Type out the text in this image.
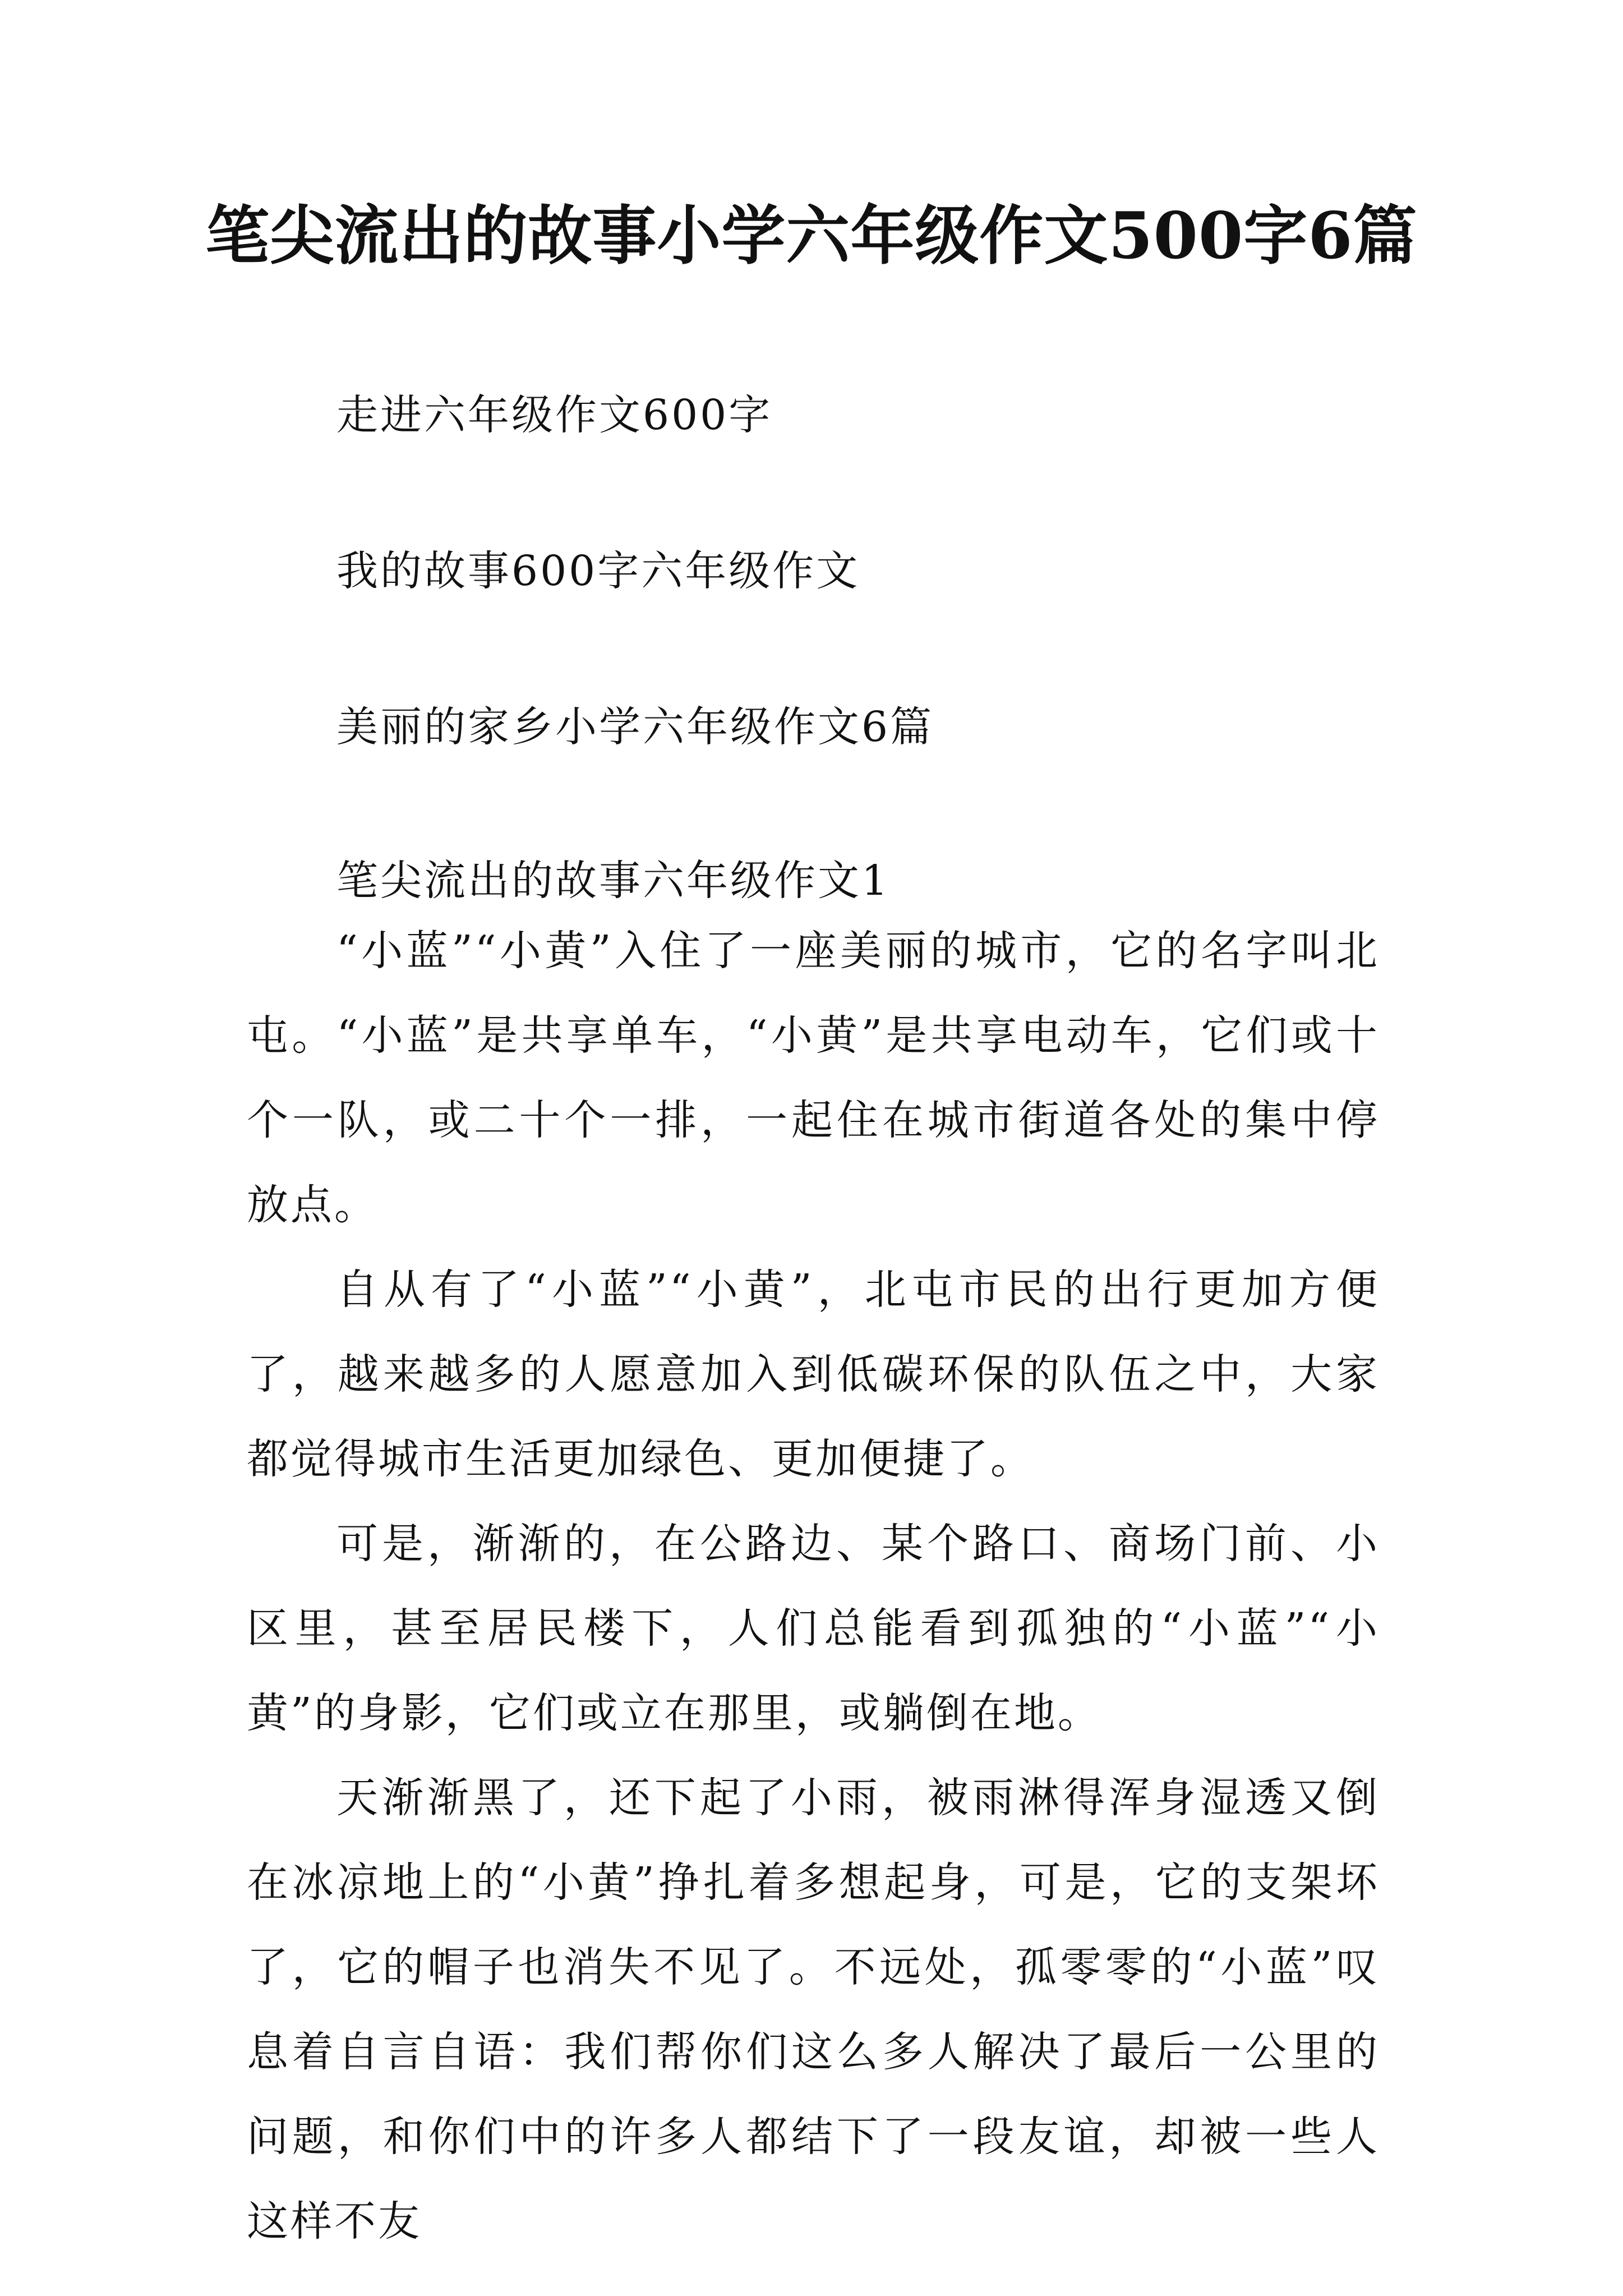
笔尖流出的故事小学六年级作文500字6篇
走进六年级作文600字
我的故事600字六年级作文
美丽的家乡小学六年级作文6篇
笔尖流出的故事六年级作文1

“小蓝”“小黄”入住了一座美丽的城市，它的名字叫北屯。“小蓝”是共享单车，“小黄”是共享电动车，它们或十个一队，或二十个一排，一起住在城市街道各处的集中停放点。

自从有了“小蓝”“小黄”，北屯市民的出行更加方便了，越来越多的人愿意加入到低碳环保的队伍之中，大家都觉得城市生活更加绿色、更加便捷了。

可是，渐渐的，在公路边、某个路口、商场门前、小区里，甚至居民楼下，人们总能看到孤独的“小蓝”“小黄”的身影，它们或立在那里，或躺倒在地。

天渐渐黑了，还下起了小雨，被雨淋得浑身湿透又倒在冰凉地上的“小黄”挣扎着多想起身，可是，它的支架坏了，它的帽子也消失不见了。不远处，孤零零的“小蓝”叹息着自言自语：我们帮你们这么多人解决了最后一公里的问题，和你们中的许多人都结下了一段友谊，却被一些人这样不友
